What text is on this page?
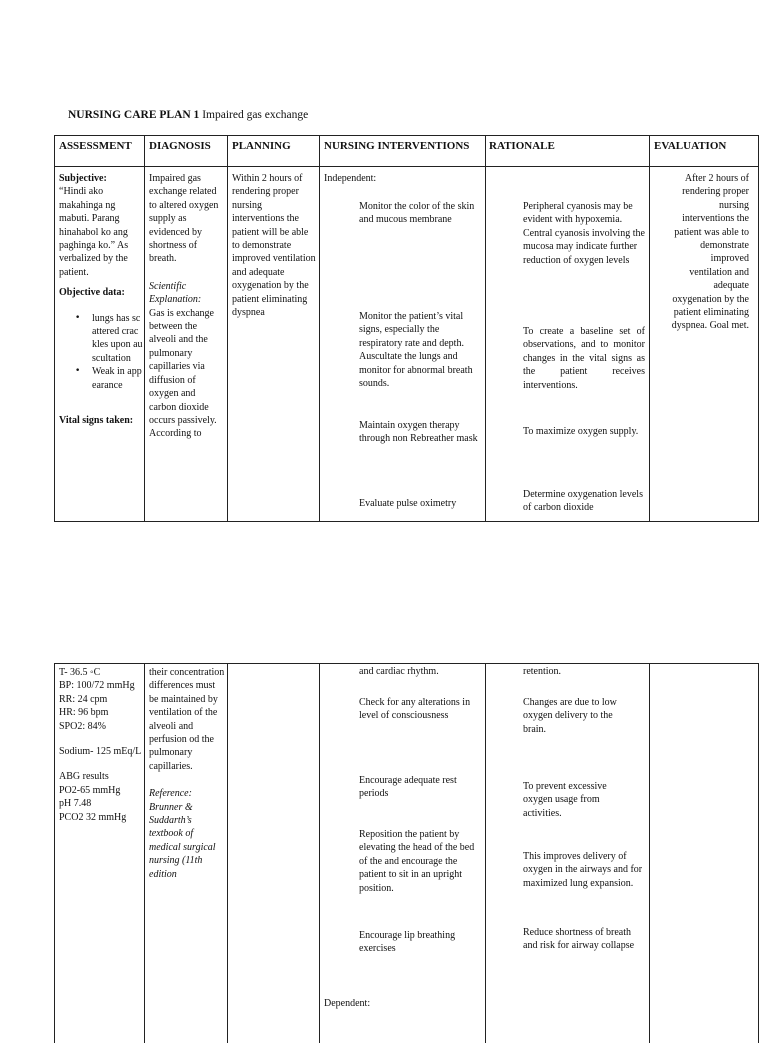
NURSING CARE PLAN 1 Impaired gas exchange
ASSESSMENT DIAGNOSIS PLANNING	NURSING INTERVENTIONS RATIONALE	EVALUATION

Subjective:

“Hindi ako makahinga ng mabuti. Parang hinahabol ko ang paghinga ko.” As verbalized by the patient.

Objective data:

• lungs has scattered crackles upon auscultation
• Weak in appearance

Vital signs taken:

Impaired gas exchange related to altered oxygen supply as evidenced by shortness of breath.

Scientific Explanation:

Gas is exchange between the alveoli and the pulmonary capillaries via diffusion of oxygen and carbon dioxide occurs passively. According to

Within 2 hours of rendering proper nursing interventions the patient will be able to demonstrate improved ventilation and adequate oxygenation by the patient eliminating dyspnea

Independent:

• Monitor the color of the skin and mucous membrane
• Monitor the patient’s vital signs, especially the respiratory rate and depth. Auscultate the lungs and monitor for abnormal breath sounds.
• Maintain oxygen therapy through non Rebreather mask
• Evaluate pulse oximetry
• Peripheral cyanosis may be evident with hypoxemia. Central cyanosis involving the mucosa may indicate further reduction of oxygen levels
• To create a baseline set of observations, and to monitor changes in the vital signs as the patient receives interventions.
• To maximize oxygen supply.
• Determine oxygenation levels of carbon dioxide

After 2 hours of rendering proper nursing interventions the patient was able to demonstrate improved ventilation and adequate oxygenation by the patient eliminating dyspnea. Goal met.

T- 36.5 ◦C

BP: 100/72 mmHg

RR: 24 cpm

HR: 96 bpm

SPO2: 84%

Sodium- 125 mEq/L

ABG results

PO2-65 mmHg

pH 7.48

PCO2 32 mmHg

their concentration differences must be maintained by ventilation of the alveoli and perfusion od the pulmonary capillaries.

Reference: Brunner & Suddarth’s textbook of medical surgical nursing (11th edition

and cardiac rhythm.
• Check for any alterations in level of consciousness
• Encourage adequate rest periods
• Reposition the patient by elevating the head of the bed of the and encourage the patient to sit in an upright position.
• Encourage lip breathing exercises
Dependent:
retention.
• Changes are due to low oxygen delivery to the brain.
• To prevent excessive oxygen usage from activities.
• This improves delivery of oxygen in the airways and for maximized lung expansion.
• Reduce shortness of breath and risk for airway collapse
